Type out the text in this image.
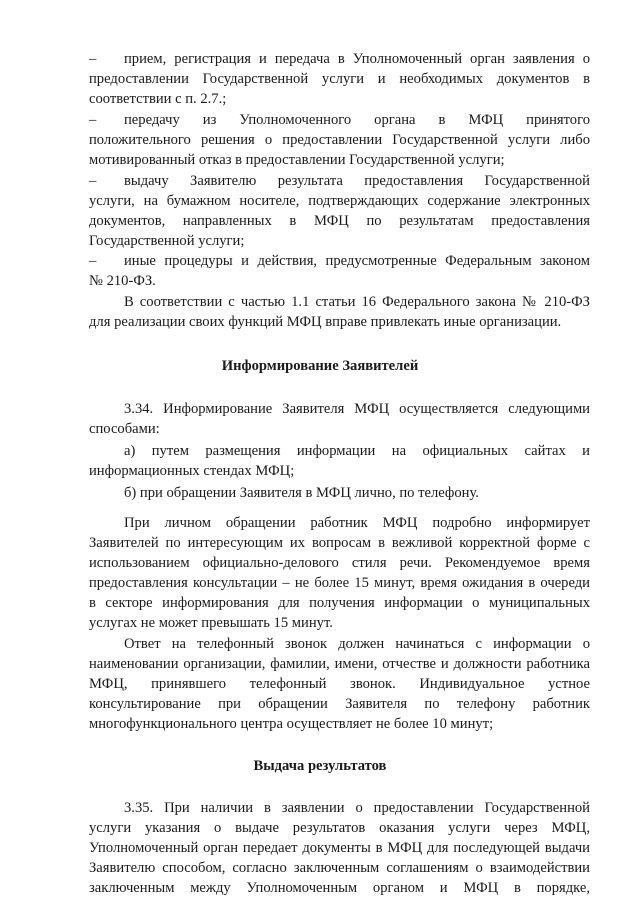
–	прием, регистрация и передача в Уполномоченный орган заявления о
предоставлении Государственной услуги и необходимых документов в
соответствии с п. 2.7.;
–	передачу из Уполномоченного органа в МФЦ принятого
положительного решения о предоставлении Государственной услуги либо
мотивированный отказ в предоставлении Государственной услуги;
–	выдачу Заявителю результата предоставления Государственной
услуги, на бумажном носителе, подтверждающих содержание электронных
документов, направленных в МФЦ по результатам предоставления
Государственной услуги;
–	иные процедуры и действия, предусмотренные Федеральным законом
№ 210-ФЗ.
В соответствии с частью 1.1 статьи 16 Федерального закона № 210-ФЗ
для реализации своих функций МФЦ вправе привлекать иные организации.
Информирование Заявителей
3.34. Информирование Заявителя МФЦ осуществляется следующими
способами:
а) путем размещения информации на официальных сайтах и
информационных стендах МФЦ;
б) при обращении Заявителя в МФЦ лично, по телефону.
При личном обращении работник МФЦ подробно информирует
Заявителей по интересующим их вопросам в вежливой корректной форме с
использованием официально-делового стиля речи. Рекомендуемое время
предоставления консультации – не более 15 минут, время ожидания в очереди
в секторе информирования для получения информации о муниципальных
услугах не может превышать 15 минут.
Ответ на телефонный звонок должен начинаться с информации о
наименовании организации, фамилии, имени, отчестве и должности работника
МФЦ, принявшего телефонный звонок. Индивидуальное устное
консультирование при обращении Заявителя по телефону работник
многофункционального центра осуществляет не более 10 минут;
Выдача результатов
3.35. При наличии в заявлении о предоставлении Государственной
услуги указания о выдаче результатов оказания услуги через МФЦ,
Уполномоченный орган передает документы в МФЦ для последующей выдачи
Заявителю способом, согласно заключенным соглашениям о взаимодействии
заключенным между Уполномоченным органом и МФЦ в порядке,
